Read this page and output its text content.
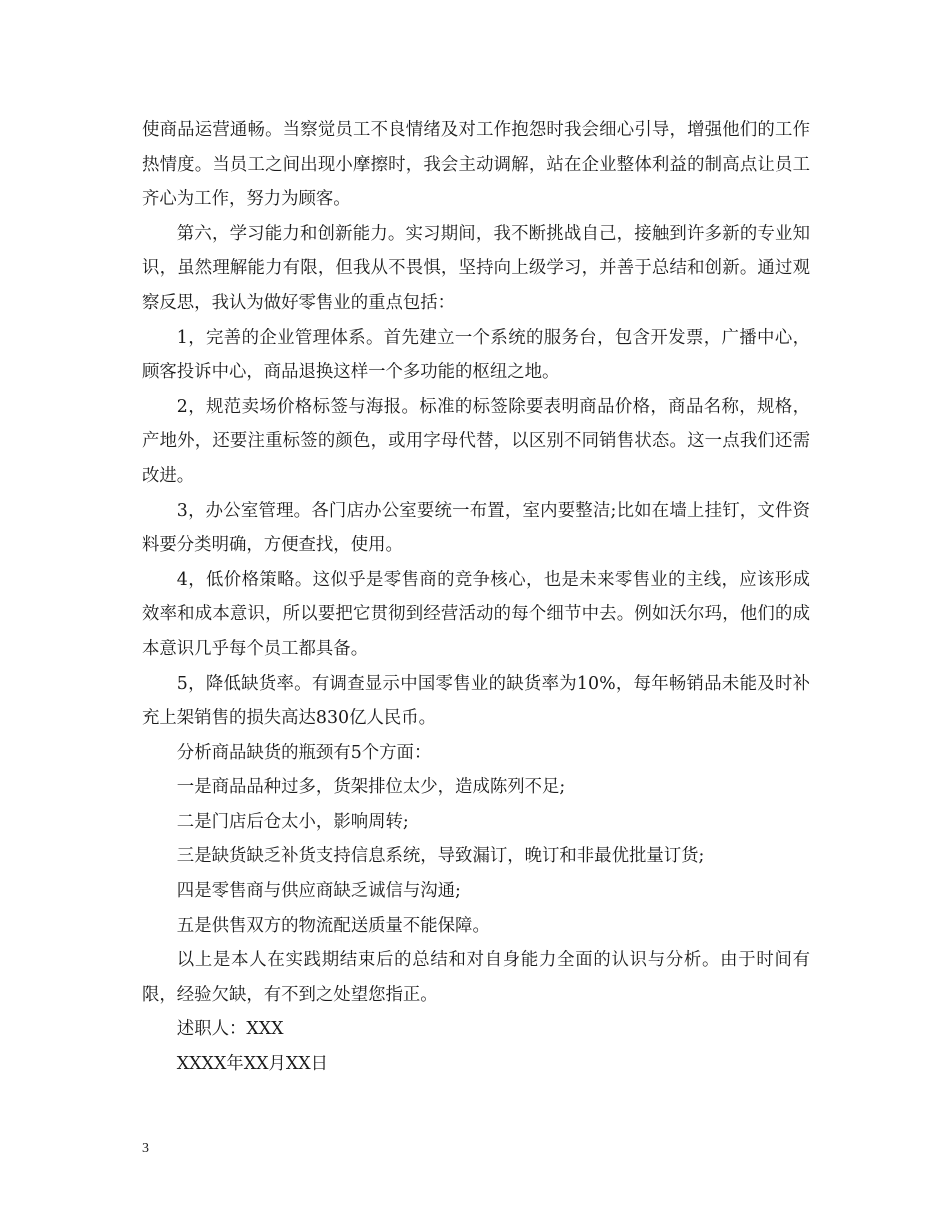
使商品运营通畅。当察觉员工不良情绪及对工作抱怨时我会细心引导，增强他们的工作热情度。当员工之间出现小摩擦时，我会主动调解，站在企业整体利益的制高点让员工齐心为工作，努力为顾客。

第六，学习能力和创新能力。实习期间，我不断挑战自己，接触到许多新的专业知识，虽然理解能力有限，但我从不畏惧，坚持向上级学习，并善于总结和创新。通过观察反思，我认为做好零售业的重点包括：

1，完善的企业管理体系。首先建立一个系统的服务台，包含开发票，广播中心，顾客投诉中心，商品退换这样一个多功能的枢纽之地。

2，规范卖场价格标签与海报。标准的标签除要表明商品价格，商品名称，规格，产地外，还要注重标签的颜色，或用字母代替，以区别不同销售状态。这一点我们还需改进。

3，办公室管理。各门店办公室要统一布置，室内要整洁;比如在墙上挂钉，文件资料要分类明确，方便查找，使用。

4，低价格策略。这似乎是零售商的竞争核心，也是未来零售业的主线，应该形成效率和成本意识，所以要把它贯彻到经营活动的每个细节中去。例如沃尔玛，他们的成本意识几乎每个员工都具备。

5，降低缺货率。有调查显示中国零售业的缺货率为10%，每年畅销品未能及时补充上架销售的损失高达830亿人民币。

分析商品缺货的瓶颈有5个方面：

一是商品品种过多，货架排位太少，造成陈列不足;

二是门店后仓太小，影响周转;

三是缺货缺乏补货支持信息系统，导致漏订，晚订和非最优批量订货;

四是零售商与供应商缺乏诚信与沟通;

五是供售双方的物流配送质量不能保障。

以上是本人在实践期结束后的总结和对自身能力全面的认识与分析。由于时间有限，经验欠缺，有不到之处望您指正。

述职人：XXX

XXXX年XX月XX日

3
